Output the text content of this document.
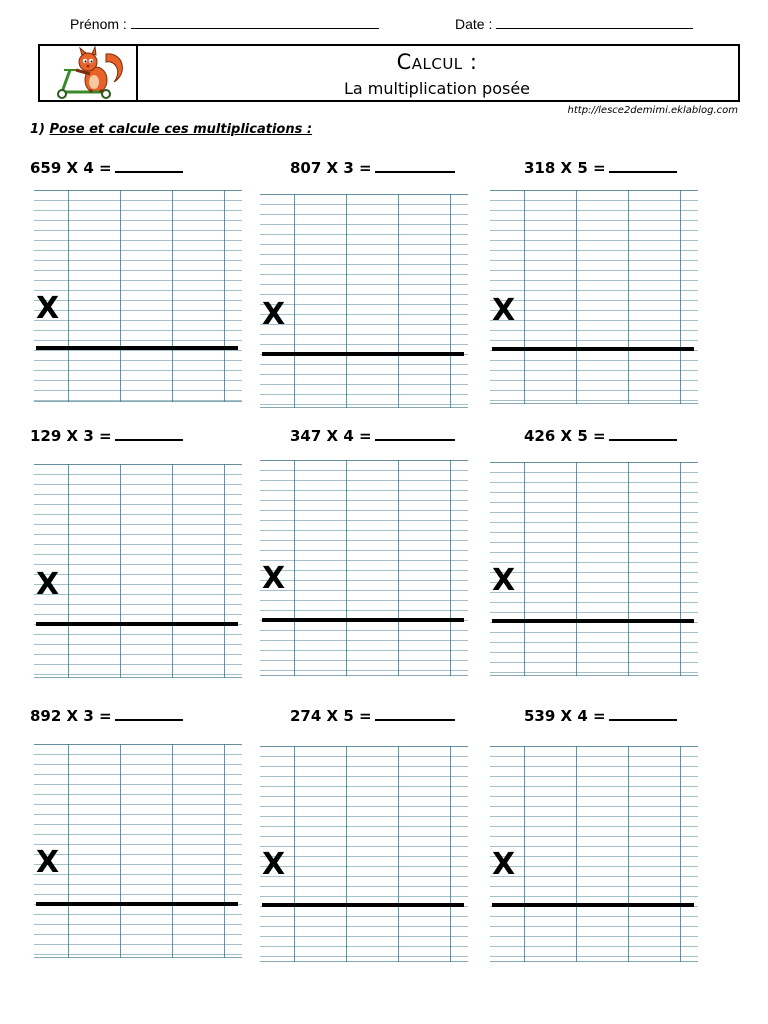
Prénom :	Date :
Calcul :
La multiplication posée
http://lesce2demimi.eklablog.com
1) Pose et calcule ces multiplications :
659 X 4 =	807 X 3 =	318 X 5 =
X	X	X
129 X 3 =	347 X 4 =	426 X 5 =
X	X	X
892 X 3 =	274 X 5 =	539 X 4 =
X	X	X
